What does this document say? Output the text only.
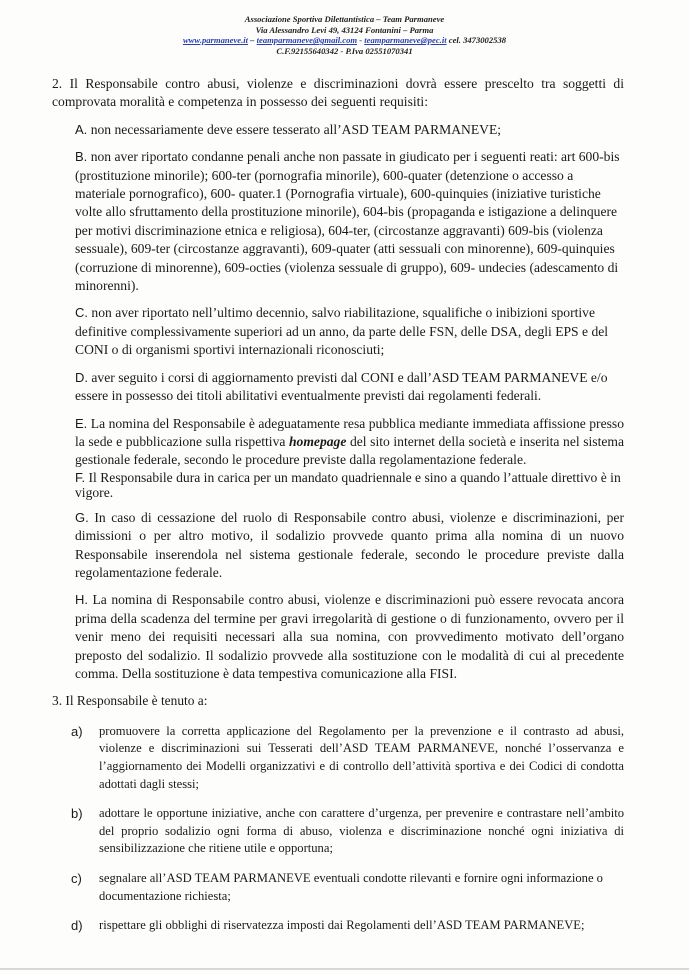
Associazione Sportiva Dilettantistica – Team Parmaneve
Via Alessandro Levi 49, 43124 Fontanini – Parma
www.parmaneve.it – teamparmaneve@gmail.com - teamparmaneve@pec.it cel. 3473002538
C.F.92155640342 - P.Iva 02551070341

2. Il Responsabile contro abusi, violenze e discriminazioni dovrà essere prescelto tra soggetti di comprovata moralità e competenza in possesso dei seguenti requisiti:

A. non necessariamente deve essere tesserato all’ASD TEAM PARMANEVE;

B. non aver riportato condanne penali anche non passate in giudicato per i seguenti reati: art 600-bis (prostituzione minorile); 600-ter (pornografia minorile), 600-quater (detenzione o accesso a materiale pornografico), 600- quater.1 (Pornografia virtuale), 600-quinquies (iniziative turistiche volte allo sfruttamento della prostituzione minorile), 604-bis (propaganda e istigazione a delinquere per motivi discriminazione etnica e religiosa), 604-ter, (circostanze aggravanti) 609-bis (violenza sessuale), 609-ter (circostanze aggravanti), 609-quater (atti sessuali con minorenne), 609-quinquies (corruzione di minorenne), 609-octies (violenza sessuale di gruppo), 609- undecies (adescamento di minorenni).

C. non aver riportato nell’ultimo decennio, salvo riabilitazione, squalifiche o inibizioni sportive definitive complessivamente superiori ad un anno, da parte delle FSN, delle DSA, degli EPS e del CONI o di organismi sportivi internazionali riconosciuti;

D. aver seguito i corsi di aggiornamento previsti dal CONI e dall’ASD TEAM PARMANEVE e/o essere in possesso dei titoli abilitativi eventualmente previsti dai regolamenti federali.

E. La nomina del Responsabile è adeguatamente resa pubblica mediante immediata affissione presso la sede e pubblicazione sulla rispettiva homepage del sito internet della società e inserita nel sistema gestionale federale, secondo le procedure previste dalla regolamentazione federale.

F. Il Responsabile dura in carica per un mandato quadriennale e sino a quando l’attuale direttivo è in vigore.

G. In caso di cessazione del ruolo di Responsabile contro abusi, violenze e discriminazioni, per dimissioni o per altro motivo, il sodalizio provvede quanto prima alla nomina di un nuovo Responsabile inserendola nel sistema gestionale federale, secondo le procedure previste dalla regolamentazione federale.

H. La nomina di Responsabile contro abusi, violenze e discriminazioni può essere revocata ancora prima della scadenza del termine per gravi irregolarità di gestione o di funzionamento, ovvero per il venir meno dei requisiti necessari alla sua nomina, con provvedimento motivato dell’organo preposto del sodalizio. Il sodalizio provvede alla sostituzione con le modalità di cui al precedente comma. Della sostituzione è data tempestiva comunicazione alla FISI.

3. Il Responsabile è tenuto a:

a)	promuovere la corretta applicazione del Regolamento per la prevenzione e il contrasto ad abusi, violenze e discriminazioni sui Tesserati dell’ASD TEAM PARMANEVE, nonché l’osservanza e l’aggiornamento dei Modelli organizzativi e di controllo dell’attività sportiva e dei Codici di condotta adottati dagli stessi;
b)	adottare le opportune iniziative, anche con carattere d’urgenza, per prevenire e contrastare nell’ambito del proprio sodalizio ogni forma di abuso, violenza e discriminazione nonché ogni iniziativa di sensibilizzazione che ritiene utile e opportuna;
c)	segnalare all’ASD TEAM PARMANEVE eventuali condotte rilevanti e fornire ogni informazione o documentazione richiesta;
d)	rispettare gli obblighi di riservatezza imposti dai Regolamenti dell’ASD TEAM PARMANEVE;
